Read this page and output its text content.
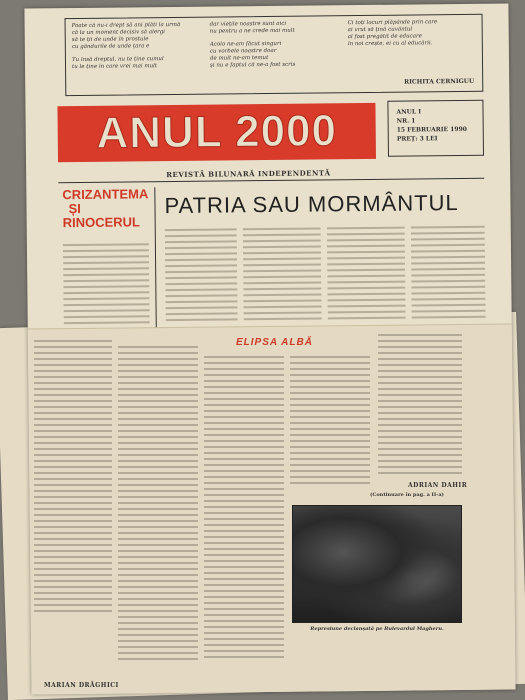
Poate că nu-i drept să ani plăti la urmă
că la un moment decisiv să alergi
să te ții de unde în prostule
cu gândurile de unde țara e
Tu însă dreptul, nu te ține cumul
tu le ține în care vrei mai mult
dar viețile noastre sunt aici
nu pentru a ne crede mai mult
Acolo ne-am făcut singuri
cu vorbele noastre doar
de mult ne-am temut
și nu e faptul că ne-a fost scris
Ci toți locuri plăpânde prin care
ai vrut să țină cuvântul
al fost pregătit de educare
în noi crește, ei cu al educării.
RICHITA CERNIGUU
ANUL 2000
REVISTĂ BILUNARĂ INDEPENDENTĂ
ANUL I
NR. 1
15 FEBRUARIE 1990
PREȚ: 3 LEI
CRIZANTEMA
ȘI
RINOCERUL
PATRIA SAU MORMÂNTUL
ELIPSA ALBĂ
MARIAN DRĂGHICI
ADRIAN DAHIR
(Continuare în pag. a II-a)
Represiune declanșată pe Bulevardul Magheru.
